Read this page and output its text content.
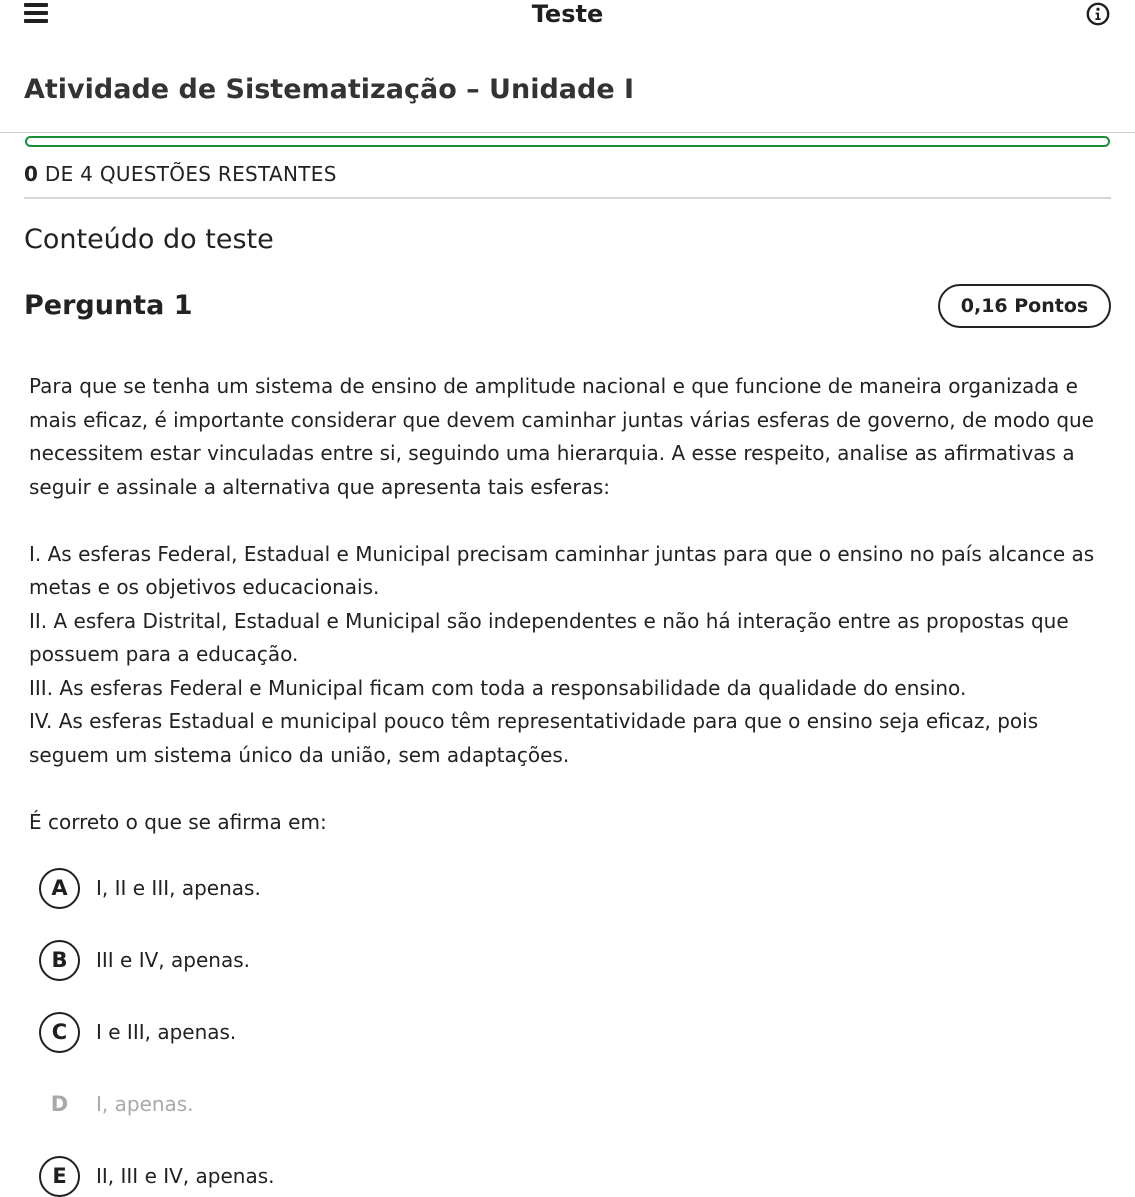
Teste
Atividade de Sistematização – Unidade I
0 DE 4 QUESTÕES RESTANTES
Conteúdo do teste
Pergunta 1	0,16 Pontos

Para que se tenha um sistema de ensino de amplitude nacional e que funcione de maneira organizada e mais eficaz, é importante considerar que devem caminhar juntas várias esferas de governo, de modo que necessitem estar vinculadas entre si, seguindo uma hierarquia. A esse respeito, analise as afirmativas a seguir e assinale a alternativa que apresenta tais esferas:

I. As esferas Federal, Estadual e Municipal precisam caminhar juntas para que o ensino no país alcance as metas e os objetivos educacionais.

II. A esfera Distrital, Estadual e Municipal são independentes e não há interação entre as propostas que possuem para a educação.

III. As esferas Federal e Municipal ficam com toda a responsabilidade da qualidade do ensino.

IV. As esferas Estadual e municipal pouco têm representatividade para que o ensino seja eficaz, pois seguem um sistema único da união, sem adaptações.

É correto o que se afirma em:

A	I, II e III, apenas.
B	III e IV, apenas.
C	I e III, apenas.
D	I, apenas.
E	II, III e IV, apenas.
